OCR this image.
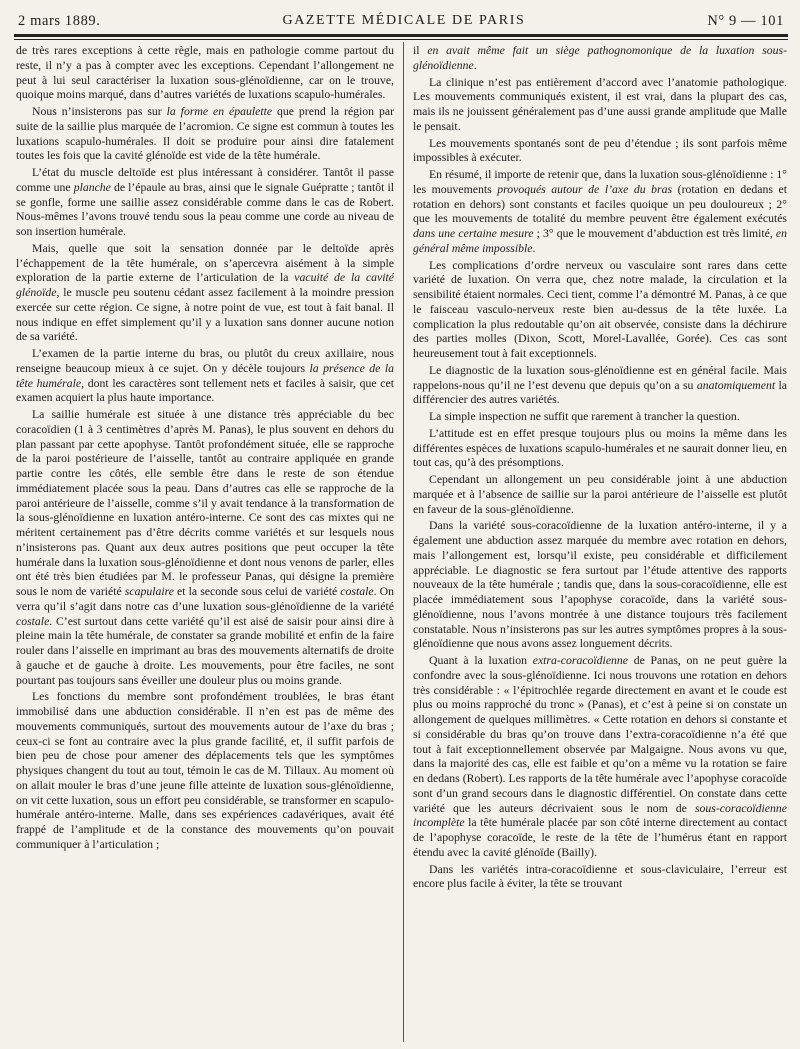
2 mars 1889.	GAZETTE MÉDICALE DE PARIS	N° 9 — 101

de très rares exceptions à cette règle, mais en pathologie comme partout du reste, il n’y a pas à compter avec les exceptions. Cependant l’allongement ne peut à lui seul caractériser la luxation sous-glénoïdienne, car on le trouve, quoique moins marqué, dans d’autres variétés de luxations scapulo-humérales.

Nous n’insisterons pas sur la forme en épaulette que prend la région par suite de la saillie plus marquée de l’acromion. Ce signe est commun à toutes les luxations scapulo-humérales. Il doit se produire pour ainsi dire fatalement toutes les fois que la cavité glénoïde est vide de la tête humérale.

L’état du muscle deltoïde est plus intéressant à considérer. Tantôt il passe comme une planche de l’épaule au bras, ainsi que le signale Guépratte ; tantôt il se gonfle, forme une saillie assez considérable comme dans le cas de Robert. Nous-mêmes l’avons trouvé tendu sous la peau comme une corde au niveau de son insertion humérale.

Mais, quelle que soit la sensation donnée par le deltoïde après l’échappement de la tête humérale, on s’apercevra aisément à la simple exploration de la partie externe de l’articulation de la vacuité de la cavité glénoïde, le muscle peu soutenu cédant assez facilement à la moindre pression exercée sur cette région. Ce signe, à notre point de vue, est tout à fait banal. Il nous indique en effet simplement qu’il y a luxation sans donner aucune notion de sa variété.

L’examen de la partie interne du bras, ou plutôt du creux axillaire, nous renseigne beaucoup mieux à ce sujet. On y décèle toujours la présence de la tête humérale, dont les caractères sont tellement nets et faciles à saisir, que cet examen acquiert la plus haute importance.

La saillie humérale est située à une distance très appréciable du bec coracoïdien (1 à 3 centimètres d’après M. Panas), le plus souvent en dehors du plan passant par cette apophyse. Tantôt profondément située, elle se rapproche de la paroi postérieure de l’aisselle, tantôt au contraire appliquée en grande partie contre les côtés, elle semble être dans le reste de son étendue immédiatement placée sous la peau. Dans d’autres cas elle se rapproche de la paroi antérieure de l’aisselle, comme s’il y avait tendance à la transformation de la sous-glénoïdienne en luxation antéro-interne. Ce sont des cas mixtes qui ne méritent certainement pas d’être décrits comme variétés et sur lesquels nous n’insisterons pas. Quant aux deux autres positions que peut occuper la tête humérale dans la luxation sous-glénoïdienne et dont nous venons de parler, elles ont été très bien étudiées par M. le professeur Panas, qui désigne la première sous le nom de variété scapulaire et la seconde sous celui de variété costale. On verra qu’il s’agit dans notre cas d’une luxation sous-glénoïdienne de la variété costale. C’est surtout dans cette variété qu’il est aisé de saisir pour ainsi dire à pleine main la tête humérale, de constater sa grande mobilité et enfin de la faire rouler dans l’aisselle en imprimant au bras des mouvements alternatifs de droite à gauche et de gauche à droite. Les mouvements, pour être faciles, ne sont pourtant pas toujours sans éveiller une douleur plus ou moins grande.

Les fonctions du membre sont profondément troublées, le bras étant immobilisé dans une abduction considérable. Il n’en est pas de même des mouvements communiqués, surtout des mouvements autour de l’axe du bras ; ceux-ci se font au contraire avec la plus grande facilité, et, il suffit parfois de bien peu de chose pour amener des déplacements tels que les symptômes physiques changent du tout au tout, témoin le cas de M. Tillaux. Au moment où on allait mouler le bras d’une jeune fille atteinte de luxation sous-glénoïdienne, on vit cette luxation, sous un effort peu considérable, se transformer en scapulo-humérale antéro-interne. Malle, dans ses expériences cadavériques, avait été frappé de l’amplitude et de la constance des mouvements qu’on pouvait communiquer à l’articulation ;

il en avait même fait un siège pathognomonique de la luxation sous-glénoïdienne.

La clinique n’est pas entièrement d’accord avec l’anatomie pathologique. Les mouvements communiqués existent, il est vrai, dans la plupart des cas, mais ils ne jouissent généralement pas d’une aussi grande amplitude que Malle le pensait.

Les mouvements spontanés sont de peu d’étendue ; ils sont parfois même impossibles à exécuter.

En résumé, il importe de retenir que, dans la luxation sous-glénoïdienne : 1° les mouvements provoqués autour de l’axe du bras (rotation en dedans et rotation en dehors) sont constants et faciles quoique un peu douloureux ; 2° que les mouvements de totalité du membre peuvent être également exécutés dans une certaine mesure ; 3° que le mouvement d’abduction est très limité, en général même impossible.

Les complications d’ordre nerveux ou vasculaire sont rares dans cette variété de luxation. On verra que, chez notre malade, la circulation et la sensibilité étaient normales. Ceci tient, comme l’a démontré M. Panas, à ce que le faisceau vasculo-nerveux reste bien au-dessus de la tête luxée. La complication la plus redoutable qu’on ait observée, consiste dans la déchirure des parties molles (Dixon, Scott, Morel-Lavallée, Gorée). Ces cas sont heureusement tout à fait exceptionnels.

Le diagnostic de la luxation sous-glénoïdienne est en général facile. Mais rappelons-nous qu’il ne l’est devenu que depuis qu’on a su anatomiquement la différencier des autres variétés.

La simple inspection ne suffit que rarement à trancher la question.

L’attitude est en effet presque toujours plus ou moins la même dans les différentes espèces de luxations scapulo-humérales et ne saurait donner lieu, en tout cas, qu’à des présomptions.

Cependant un allongement un peu considérable joint à une abduction marquée et à l’absence de saillie sur la paroi antérieure de l’aisselle est plutôt en faveur de la sous-glénoïdienne.

Dans la variété sous-coracoïdienne de la luxation antéro-interne, il y a également une abduction assez marquée du membre avec rotation en dehors, mais l’allongement est, lorsqu’il existe, peu considérable et difficilement appréciable. Le diagnostic se fera surtout par l’étude attentive des rapports nouveaux de la tête humérale ; tandis que, dans la sous-coracoïdienne, elle est placée immédiatement sous l’apophyse coracoïde, dans la variété sous-glénoïdienne, nous l’avons montrée à une distance toujours très facilement constatable. Nous n’insisterons pas sur les autres symptômes propres à la sous-glénoïdienne que nous avons assez longuement décrits.

Quant à la luxation extra-coracoïdienne de Panas, on ne peut guère la confondre avec la sous-glénoïdienne. Ici nous trouvons une rotation en dehors très considérable : « l’épitrochlée regarde directement en avant et le coude est plus ou moins rapproché du tronc » (Panas), et c’est à peine si on constate un allongement de quelques millimètres. « Cette rotation en dehors si constante et si considérable du bras qu’on trouve dans l’extra-coracoïdienne n’a été que tout à fait exceptionnellement observée par Malgaigne. Nous avons vu que, dans la majorité des cas, elle est faible et qu’on a même vu la rotation se faire en dedans (Robert). Les rapports de la tête humérale avec l’apophyse coracoïde sont d’un grand secours dans le diagnostic différentiel. On constate dans cette variété que les auteurs décrivaient sous le nom de sous-coracoïdienne incomplète la tête humérale placée par son côté interne directement au contact de l’apophyse coracoïde, le reste de la tête de l’humérus étant en rapport étendu avec la cavité glénoïde (Bailly).

Dans les variétés intra-coracoïdienne et sous-claviculaire, l’erreur est encore plus facile à éviter, la tête se trouvant
